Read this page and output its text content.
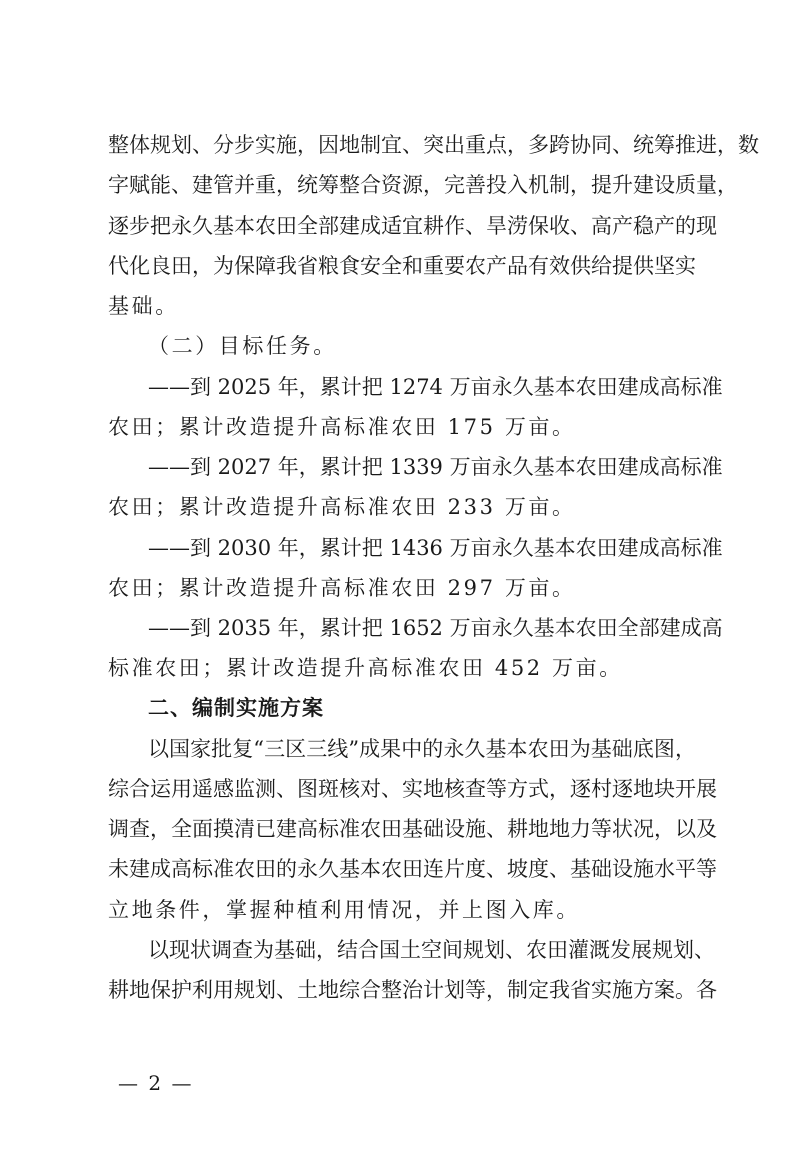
整体规划、分步实施，因地制宜、突出重点，多跨协同、统筹推进，数
字赋能、建管并重，统筹整合资源，完善投入机制，提升建设质量，
逐步把永久基本农田全部建成适宜耕作、旱涝保收、高产稳产的现
代化良田，为保障我省粮食安全和重要农产品有效供给提供坚实
基础。
（二）目标任务。
——到 2025 年，累计把 1274 万亩永久基本农田建成高标准
农田；累计改造提升高标准农田 175 万亩。
——到 2027 年，累计把 1339 万亩永久基本农田建成高标准
农田；累计改造提升高标准农田 233 万亩。
——到 2030 年，累计把 1436 万亩永久基本农田建成高标准
农田；累计改造提升高标准农田 297 万亩。
——到 2035 年，累计把 1652 万亩永久基本农田全部建成高
标准农田；累计改造提升高标准农田 452 万亩。
二、编制实施方案
以国家批复“三区三线”成果中的永久基本农田为基础底图，
综合运用遥感监测、图斑核对、实地核查等方式，逐村逐地块开展
调查，全面摸清已建高标准农田基础设施、耕地地力等状况，以及
未建成高标准农田的永久基本农田连片度、坡度、基础设施水平等
立地条件，掌握种植利用情况，并上图入库。
以现状调查为基础，结合国土空间规划、农田灌溉发展规划、
耕地保护利用规划、土地综合整治计划等，制定我省实施方案。各
— 2 —
